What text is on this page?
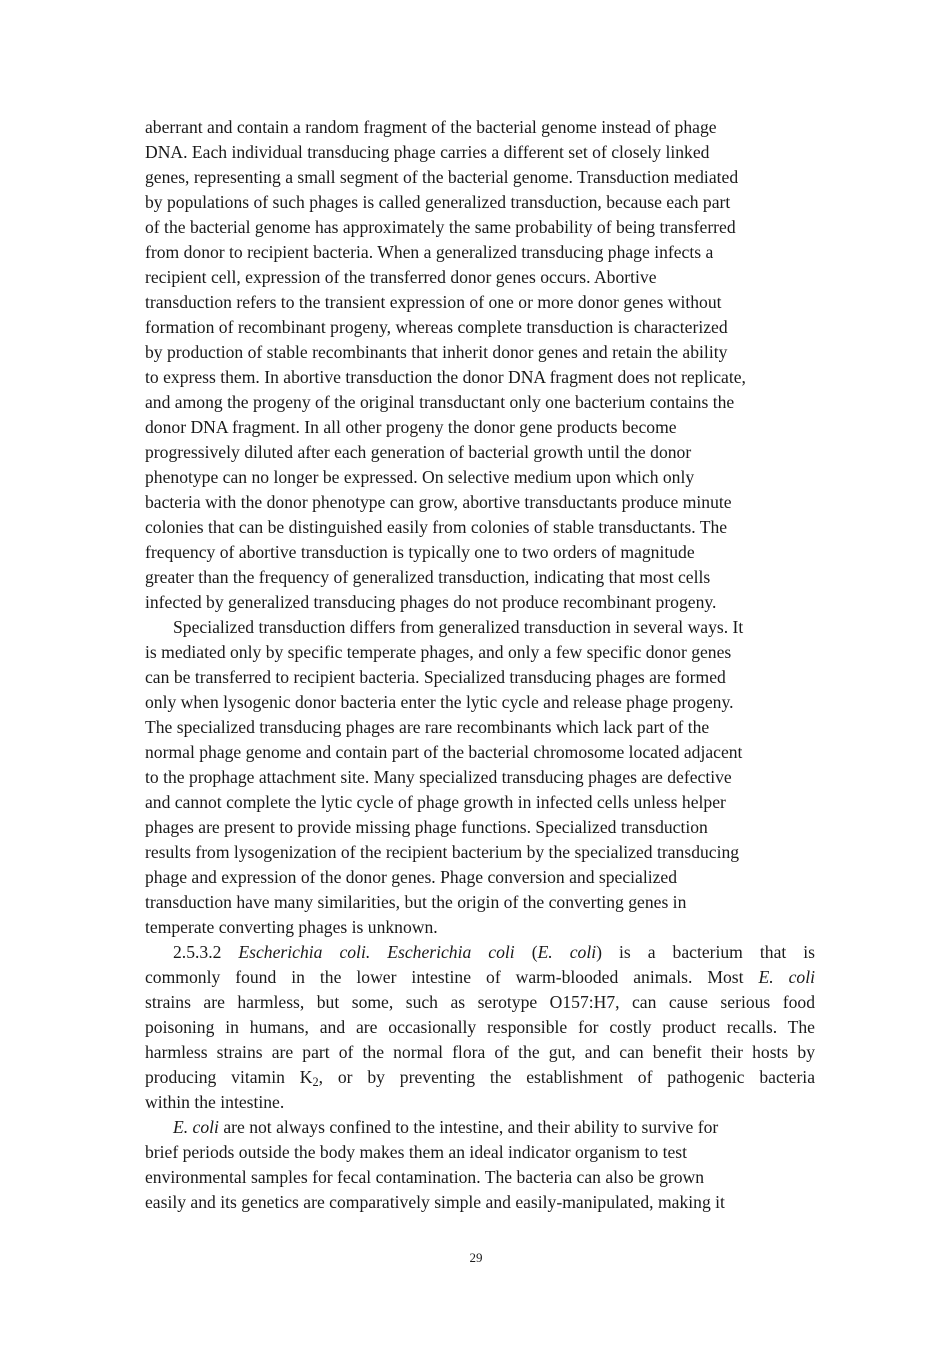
aberrant and contain a random fragment of the bacterial genome instead of phage
DNA. Each individual transducing phage carries a different set of closely linked
genes, representing a small segment of the bacterial genome. Transduction mediated
by populations of such phages is called generalized transduction, because each part
of the bacterial genome has approximately the same probability of being transferred
from donor to recipient bacteria. When a generalized transducing phage infects a
recipient cell, expression of the transferred donor genes occurs. Abortive
transduction refers to the transient expression of one or more donor genes without
formation of recombinant progeny, whereas complete transduction is characterized
by production of stable recombinants that inherit donor genes and retain the ability
to express them. In abortive transduction the donor DNA fragment does not replicate,
and among the progeny of the original transductant only one bacterium contains the
donor DNA fragment. In all other progeny the donor gene products become
progressively diluted after each generation of bacterial growth until the donor
phenotype can no longer be expressed. On selective medium upon which only
bacteria with the donor phenotype can grow, abortive transductants produce minute
colonies that can be distinguished easily from colonies of stable transductants. The
frequency of abortive transduction is typically one to two orders of magnitude
greater than the frequency of generalized transduction, indicating that most cells
infected by generalized transducing phages do not produce recombinant progeny.
Specialized transduction differs from generalized transduction in several ways. It
is mediated only by specific temperate phages, and only a few specific donor genes
can be transferred to recipient bacteria. Specialized transducing phages are formed
only when lysogenic donor bacteria enter the lytic cycle and release phage progeny.
The specialized transducing phages are rare recombinants which lack part of the
normal phage genome and contain part of the bacterial chromosome located adjacent
to the prophage attachment site. Many specialized transducing phages are defective
and cannot complete the lytic cycle of phage growth in infected cells unless helper
phages are present to provide missing phage functions. Specialized transduction
results from lysogenization of the recipient bacterium by the specialized transducing
phage and expression of the donor genes. Phage conversion and specialized
transduction have many similarities, but the origin of the converting genes in
temperate converting phages is unknown.
2.5.3.2 Escherichia coli. Escherichia coli (E. coli) is a bacterium that is
commonly found in the lower intestine of warm-blooded animals. Most E. coli
strains are harmless, but some, such as serotype O157:H7, can cause serious food
poisoning in humans, and are occasionally responsible for costly product recalls. The
harmless strains are part of the normal flora of the gut, and can benefit their hosts by
producing vitamin $K_2$, or by preventing the establishment of pathogenic bacteria
within the intestine.
E. coli are not always confined to the intestine, and their ability to survive for
brief periods outside the body makes them an ideal indicator organism to test
environmental samples for fecal contamination. The bacteria can also be grown
easily and its genetics are comparatively simple and easily-manipulated, making it
29
